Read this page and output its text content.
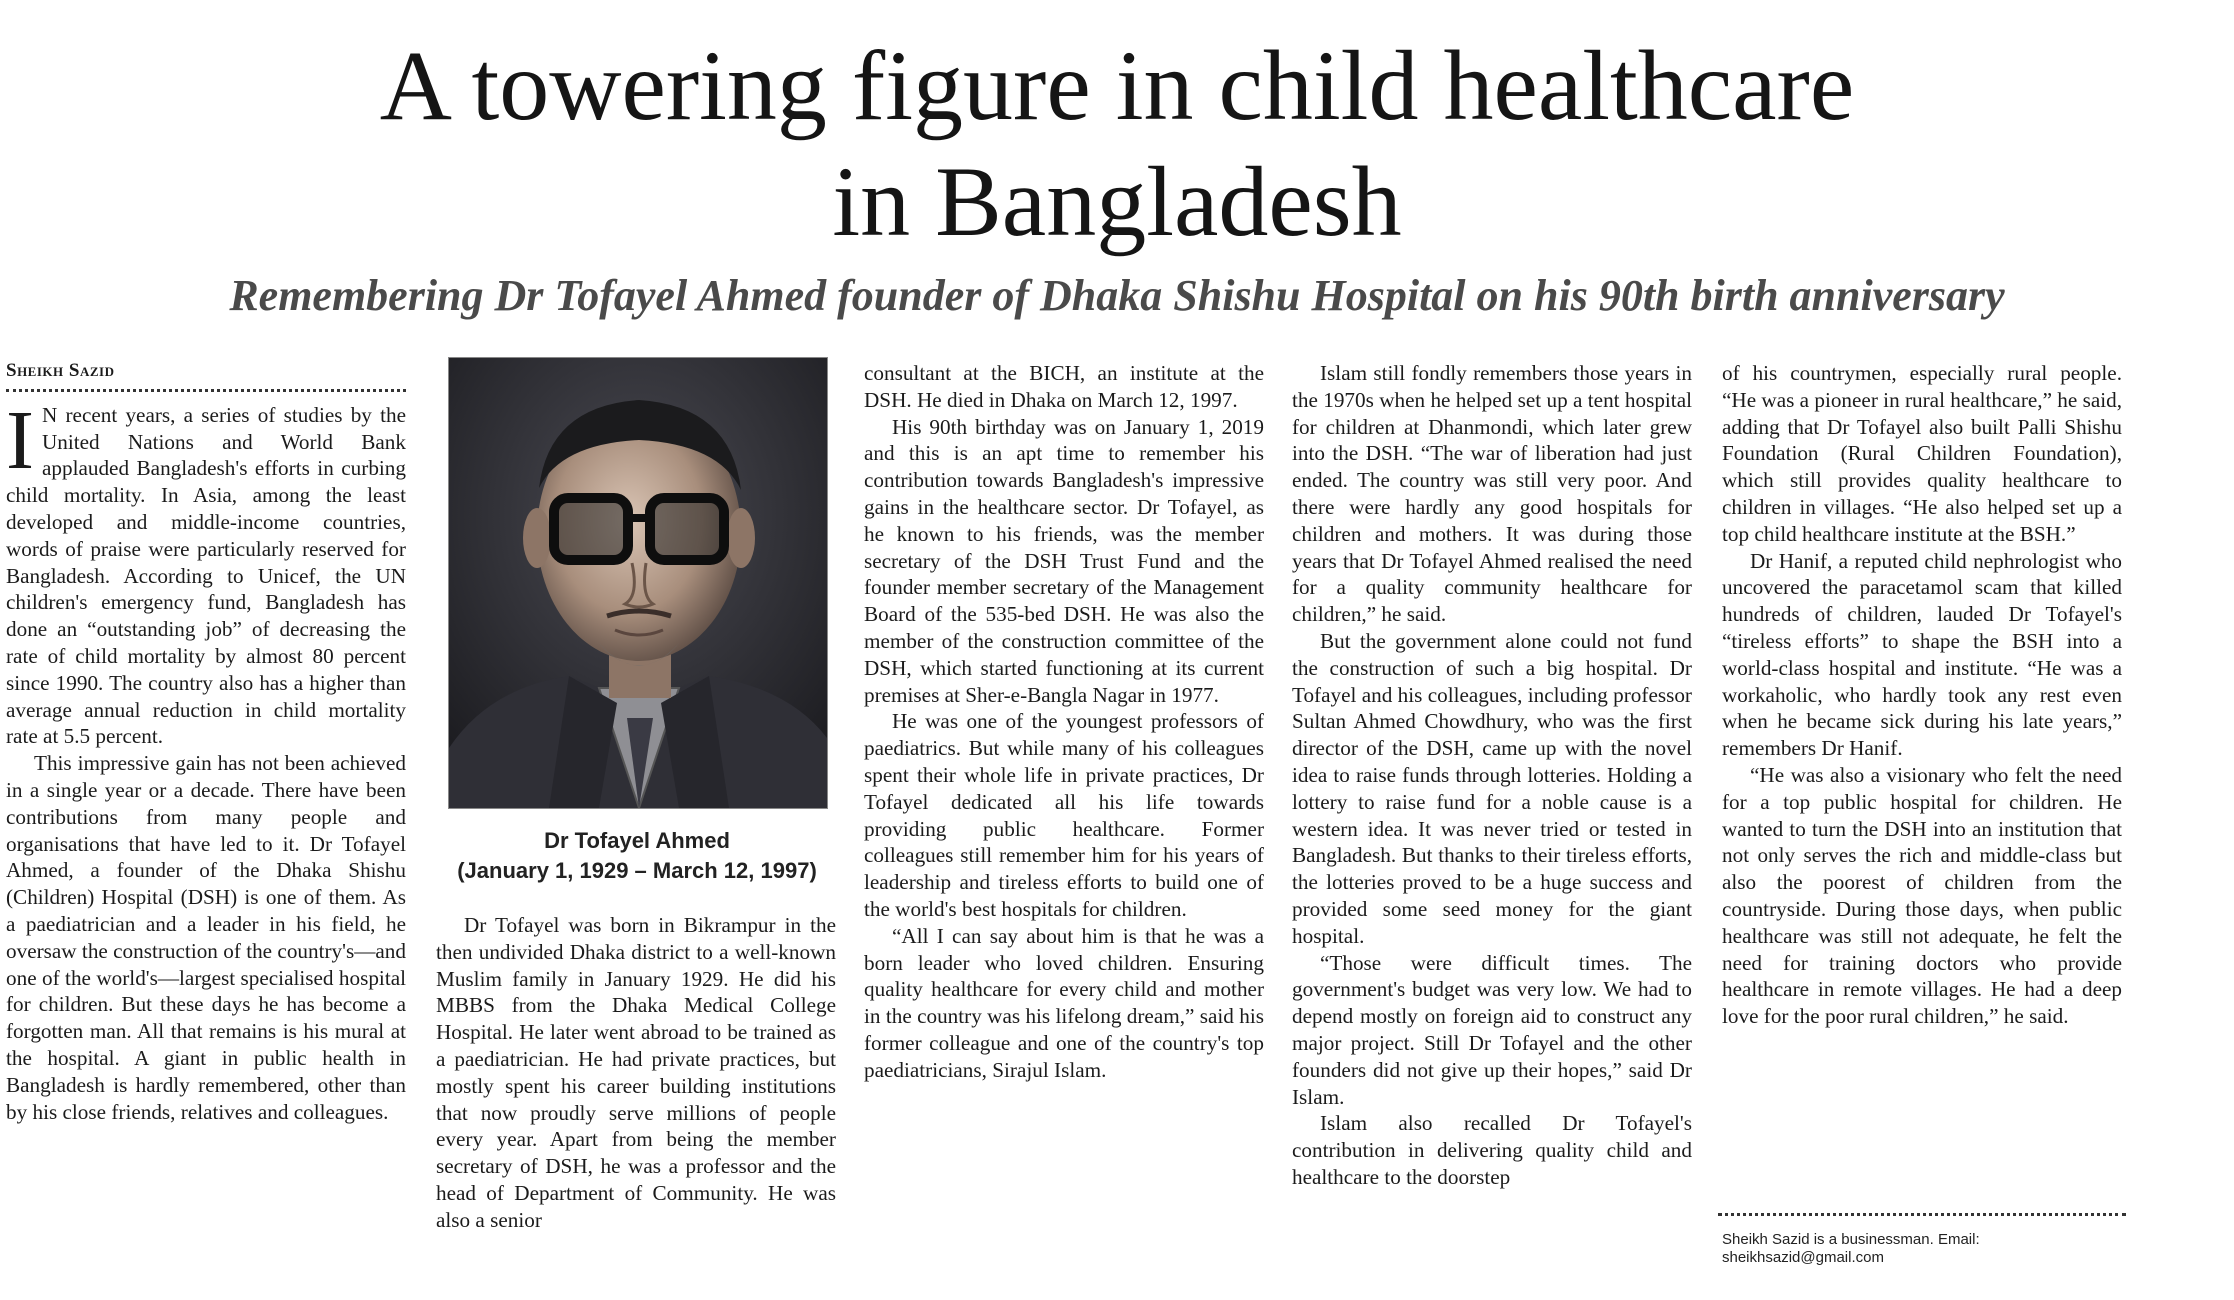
A towering figure in child healthcare
in Bangladesh
Remembering Dr Tofayel Ahmed founder of Dhaka Shishu Hospital on his 90th birth anniversary
Sheikh Sazid

I N recent years, a series of studies by the United Nations and World Bank applauded Bangladesh's efforts in curbing child mortality. In Asia, among the least developed and middle-income countries, words of praise were particularly reserved for Bangladesh. According to Unicef, the UN children's emergency fund, Bangladesh has done an “outstanding job” of decreasing the rate of child mortality by almost 80 percent since 1990. The country also has a higher than average annual reduction in child mortality rate at 5.5 percent.

This impressive gain has not been achieved in a single year or a decade. There have been contributions from many people and organisations that have led to it. Dr Tofayel Ahmed, a founder of the Dhaka Shishu (Children) Hospital (DSH) is one of them. As a paediatrician and a leader in his field, he oversaw the construction of the country's—and one of the world's—largest specialised hospital for children. But these days he has become a forgotten man. All that remains is his mural at the hospital. A giant in public health in Bangladesh is hardly remembered, other than by his close friends, relatives and colleagues.

Dr Tofayel Ahmed
(January 1, 1929 – March 12, 1997)

Dr Tofayel was born in Bikrampur in the then undivided Dhaka district to a well-known Muslim family in January 1929. He did his MBBS from the Dhaka Medical College Hospital. He later went abroad to be trained as a paediatrician. He had private practices, but mostly spent his career building institutions that now proudly serve millions of people every year. Apart from being the member secretary of DSH, he was a professor and the head of Department of Community. He was also a senior

consultant at the BICH, an institute at the DSH. He died in Dhaka on March 12, 1997.

His 90th birthday was on January 1, 2019 and this is an apt time to remember his contribution towards Bangladesh's impressive gains in the healthcare sector. Dr Tofayel, as he known to his friends, was the member secretary of the DSH Trust Fund and the founder member secretary of the Management Board of the 535-bed DSH. He was also the member of the construction committee of the DSH, which started functioning at its current premises at Sher-e-Bangla Nagar in 1977.

He was one of the youngest professors of paediatrics. But while many of his colleagues spent their whole life in private practices, Dr Tofayel dedicated all his life towards providing public healthcare. Former colleagues still remember him for his years of leadership and tireless efforts to build one of the world's best hospitals for children.

“All I can say about him is that he was a born leader who loved children. Ensuring quality healthcare for every child and mother in the country was his lifelong dream,” said his former colleague and one of the country's top paediatricians, Sirajul Islam.

Islam still fondly remembers those years in the 1970s when he helped set up a tent hospital for children at Dhanmondi, which later grew into the DSH. “The war of liberation had just ended. The country was still very poor. And there were hardly any good hospitals for children and mothers. It was during those years that Dr Tofayel Ahmed realised the need for a quality community healthcare for children,” he said.

But the government alone could not fund the construction of such a big hospital. Dr Tofayel and his colleagues, including professor Sultan Ahmed Chowdhury, who was the first director of the DSH, came up with the novel idea to raise funds through lotteries. Holding a lottery to raise fund for a noble cause is a western idea. It was never tried or tested in Bangladesh. But thanks to their tireless efforts, the lotteries proved to be a huge success and provided some seed money for the giant hospital.

“Those were difficult times. The government's budget was very low. We had to depend mostly on foreign aid to construct any major project. Still Dr Tofayel and the other founders did not give up their hopes,” said Dr Islam.

Islam also recalled Dr Tofayel's contribution in delivering quality child and healthcare to the doorstep

of his countrymen, especially rural people. “He was a pioneer in rural healthcare,” he said, adding that Dr Tofayel also built Palli Shishu Foundation (Rural Children Foundation), which still provides quality healthcare to children in villages. “He also helped set up a top child healthcare institute at the BSH.”

Dr Hanif, a reputed child nephrologist who uncovered the paracetamol scam that killed hundreds of children, lauded Dr Tofayel's “tireless efforts” to shape the BSH into a world-class hospital and institute. “He was a workaholic, who hardly took any rest even when he became sick during his late years,” remembers Dr Hanif.

“He was also a visionary who felt the need for a top public hospital for children. He wanted to turn the DSH into an institution that not only serves the rich and middle-class but also the poorest of children from the countryside. During those days, when public healthcare was still not adequate, he felt the need for training doctors who provide healthcare in remote villages. He had a deep love for the poor rural children,” he said.

Sheikh Sazid is a businessman. Email:
sheikhsazid@gmail.com
